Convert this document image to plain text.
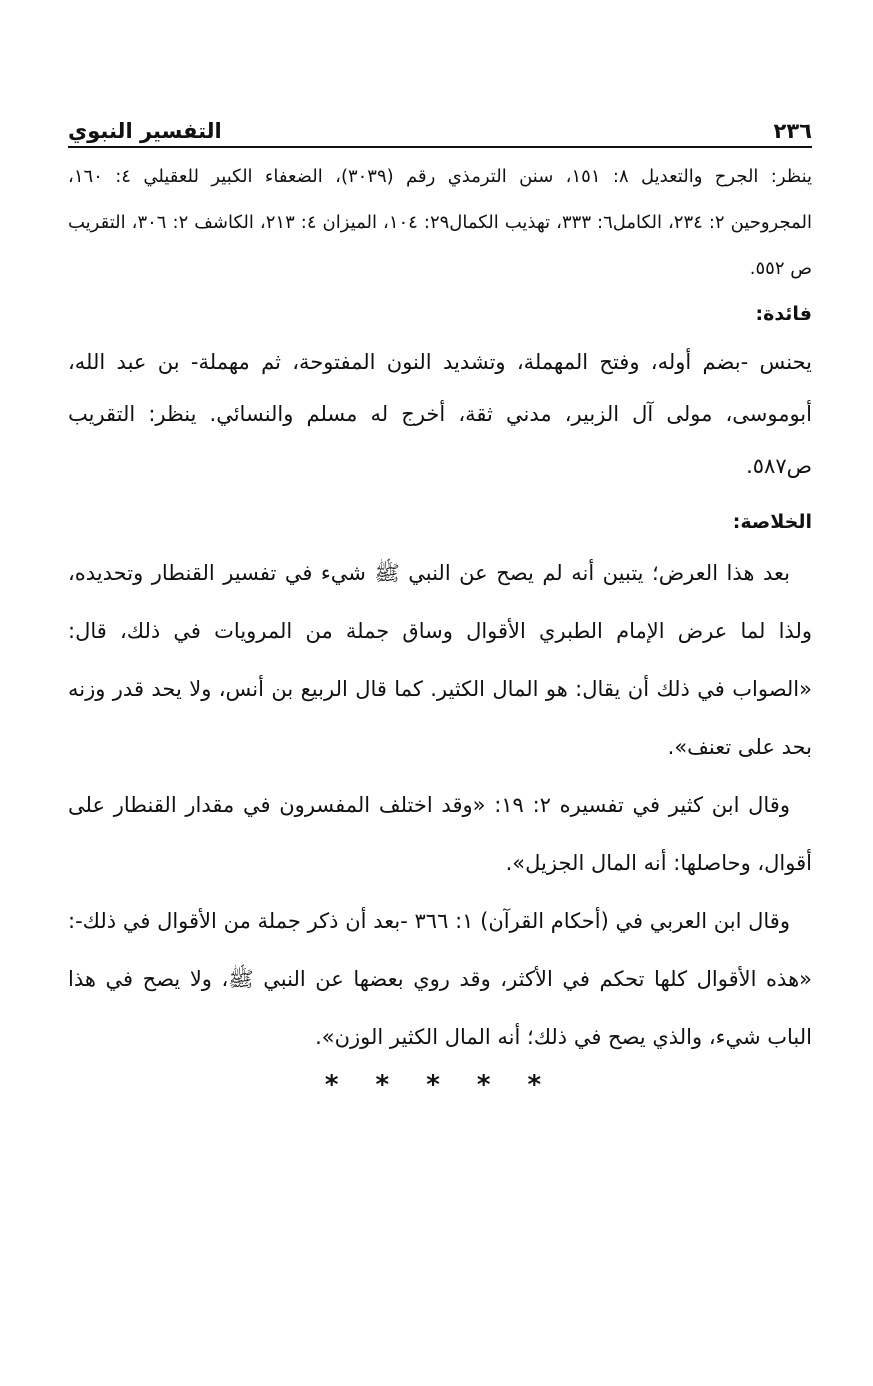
٢٣٦
التفسير النبوي

ينظر: الجرح والتعديل ٨: ١٥١، سنن الترمذي رقم (٣٠٣٩)، الضعفاء الكبير للعقيلي ٤: ١٦٠، المجروحين ٢: ٢٣٤، الكامل٦: ٣٣٣، تهذيب الكمال٢٩: ١٠٤، الميزان ٤: ٢١٣، الكاشف ٢: ٣٠٦، التقريب ص ٥٥٢.

فائدة:

يحنس -بضم أوله، وفتح المهملة، وتشديد النون المفتوحة، ثم مهملة- بن عبد الله، أبوموسى، مولى آل الزبير، مدني ثقة، أخرج له مسلم والنسائي. ينظر: التقريب ص٥٨٧.

الخلاصة:

بعد هذا العرض؛ يتبين أنه لم يصح عن النبي ﷺ شيء في تفسير القنطار وتحديده، ولذا لما عرض الإمام الطبري الأقوال وساق جملة من المرويات في ذلك، قال: «الصواب في ذلك أن يقال: هو المال الكثير. كما قال الربيع بن أنس، ولا يحد قدر وزنه بحد على تعنف».

وقال ابن كثير في تفسيره ٢: ١٩: «وقد اختلف المفسرون في مقدار القنطار على أقوال، وحاصلها: أنه المال الجزيل».

وقال ابن العربي في (أحكام القرآن) ١: ٣٦٦ -بعد أن ذكر جملة من الأقوال في ذلك-: «هذه الأقوال كلها تحكم في الأكثر، وقد روي بعضها عن النبي ﷺ، ولا يصح في هذا الباب شيء، والذي يصح في ذلك؛ أنه المال الكثير الوزن».

* * * * *
